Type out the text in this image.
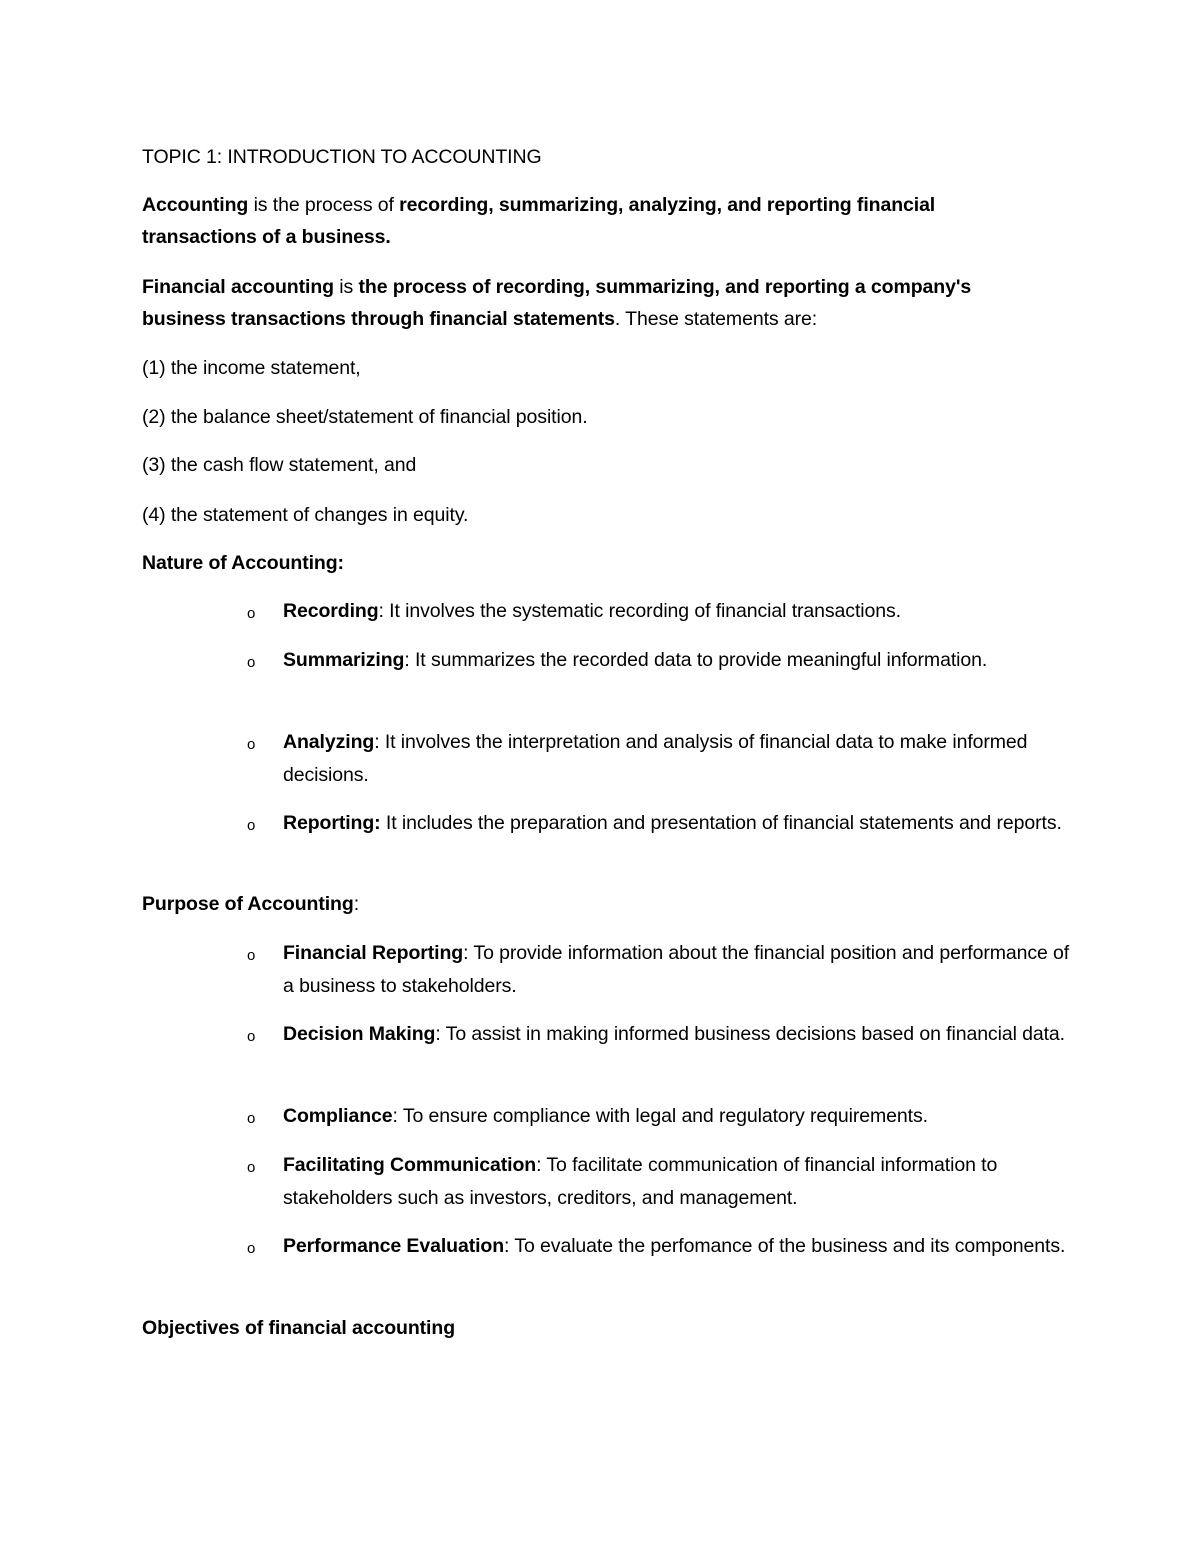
TOPIC 1: INTRODUCTION TO ACCOUNTING

Accounting is the process of recording, summarizing, analyzing, and reporting financial transactions of a business.

Financial accounting is the process of recording, summarizing, and reporting a company's business transactions through financial statements. These statements are:

(1) the income statement,

(2) the balance sheet/statement of financial position.

(3) the cash flow statement, and

(4) the statement of changes in equity.

Nature of Accounting:

o Recording: It involves the systematic recording of financial transactions.
o Summarizing: It summarizes the recorded data to provide meaningful information.
o Analyzing: It involves the interpretation and analysis of financial data to make informed decisions.
o Reporting: It includes the preparation and presentation of financial statements and reports.

Purpose of Accounting:

o Financial Reporting: To provide information about the financial position and performance of a business to stakeholders.
o Decision Making: To assist in making informed business decisions based on financial data.
o Compliance: To ensure compliance with legal and regulatory requirements.
o Facilitating Communication: To facilitate communication of financial information to stakeholders such as investors, creditors, and management.
o Performance Evaluation: To evaluate the perfomance of the business and its components.

Objectives of financial accounting
